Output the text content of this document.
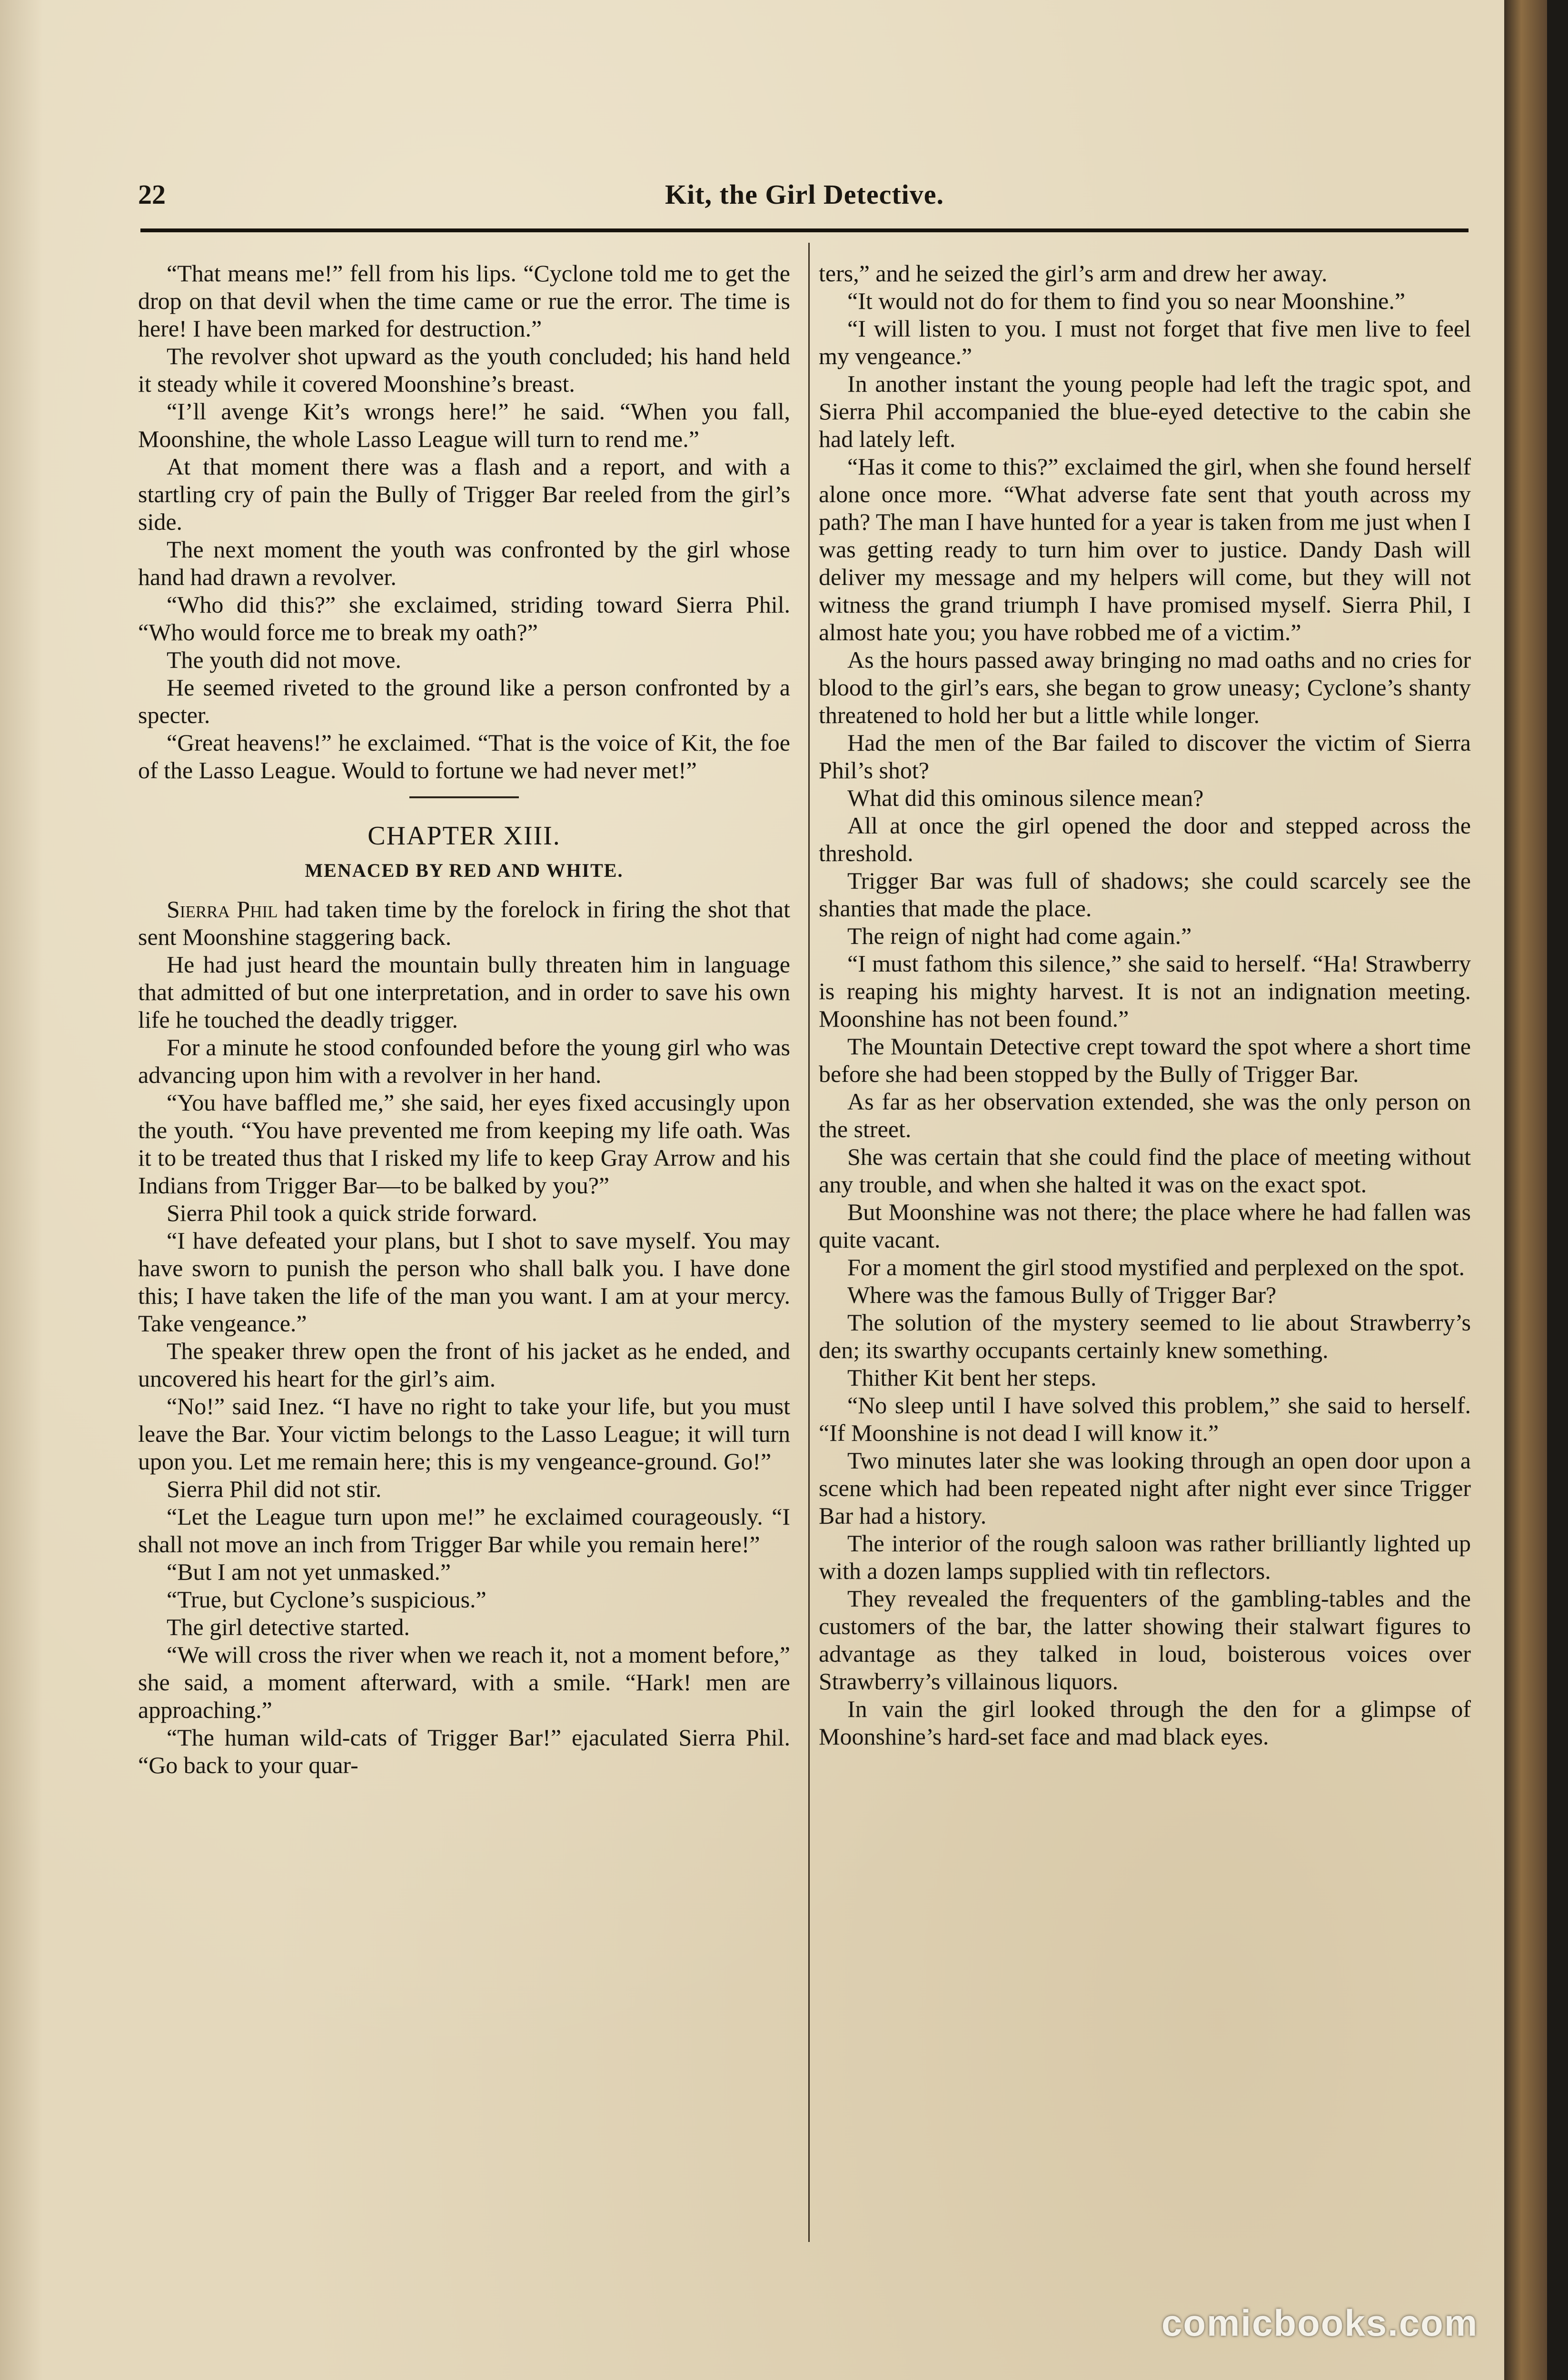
Kit, the Girl Detective.
22

“That means me!” fell from his lips. “Cyclone told me to get the drop on that devil when the time came or rue the error. The time is here! I have been marked for destruction.”

The revolver shot upward as the youth concluded; his hand held it steady while it covered Moonshine’s breast.

“I’ll avenge Kit’s wrongs here!” he said. “When you fall, Moonshine, the whole Lasso League will turn to rend me.”

At that moment there was a flash and a report, and with a startling cry of pain the Bully of Trigger Bar reeled from the girl’s side.

The next moment the youth was confronted by the girl whose hand had drawn a revolver.

“Who did this?” she exclaimed, striding toward Sierra Phil. “Who would force me to break my oath?”

The youth did not move.

He seemed riveted to the ground like a person confronted by a specter.

“Great heavens!” he exclaimed. “That is the voice of Kit, the foe of the Lasso League. Would to fortune we had never met!”

CHAPTER XIII.
MENACED BY RED AND WHITE.

Sierra Phil had taken time by the forelock in firing the shot that sent Moonshine staggering back.

He had just heard the mountain bully threaten him in language that admitted of but one interpretation, and in order to save his own life he touched the deadly trigger.

For a minute he stood confounded before the young girl who was advancing upon him with a revolver in her hand.

“You have baffled me,” she said, her eyes fixed accusingly upon the youth. “You have prevented me from keeping my life oath. Was it to be treated thus that I risked my life to keep Gray Arrow and his Indians from Trigger Bar—to be balked by you?”

Sierra Phil took a quick stride forward.

“I have defeated your plans, but I shot to save myself. You may have sworn to punish the person who shall balk you. I have done this; I have taken the life of the man you want. I am at your mercy. Take vengeance.”

The speaker threw open the front of his jacket as he ended, and uncovered his heart for the girl’s aim.

“No!” said Inez. “I have no right to take your life, but you must leave the Bar. Your victim belongs to the Lasso League; it will turn upon you. Let me remain here; this is my vengeance-ground. Go!”

Sierra Phil did not stir.

“Let the League turn upon me!” he exclaimed courageously. “I shall not move an inch from Trigger Bar while you remain here!”

“But I am not yet unmasked.”

“True, but Cyclone’s suspicious.”

The girl detective started.

“We will cross the river when we reach it, not a moment before,” she said, a moment afterward, with a smile. “Hark! men are approaching.”

“The human wild-cats of Trigger Bar!” ejaculated Sierra Phil. “Go back to your quar-

ters,” and he seized the girl’s arm and drew her away.

“It would not do for them to find you so near Moonshine.”

“I will listen to you. I must not forget that five men live to feel my vengeance.”

In another instant the young people had left the tragic spot, and Sierra Phil accompanied the blue-eyed detective to the cabin she had lately left.

“Has it come to this?” exclaimed the girl, when she found herself alone once more. “What adverse fate sent that youth across my path? The man I have hunted for a year is taken from me just when I was getting ready to turn him over to justice. Dandy Dash will deliver my message and my helpers will come, but they will not witness the grand triumph I have promised myself. Sierra Phil, I almost hate you; you have robbed me of a victim.”

As the hours passed away bringing no mad oaths and no cries for blood to the girl’s ears, she began to grow uneasy; Cyclone’s shanty threatened to hold her but a little while longer.

Had the men of the Bar failed to discover the victim of Sierra Phil’s shot?

What did this ominous silence mean?

All at once the girl opened the door and stepped across the threshold.

Trigger Bar was full of shadows; she could scarcely see the shanties that made the place.

The reign of night had come again.”

“I must fathom this silence,” she said to herself. “Ha! Strawberry is reaping his mighty harvest. It is not an indignation meeting. Moonshine has not been found.”

The Mountain Detective crept toward the spot where a short time before she had been stopped by the Bully of Trigger Bar.

As far as her observation extended, she was the only person on the street.

She was certain that she could find the place of meeting without any trouble, and when she halted it was on the exact spot.

But Moonshine was not there; the place where he had fallen was quite vacant.

For a moment the girl stood mystified and perplexed on the spot.

Where was the famous Bully of Trigger Bar?

The solution of the mystery seemed to lie about Strawberry’s den; its swarthy occupants certainly knew something.

Thither Kit bent her steps.

“No sleep until I have solved this problem,” she said to herself. “If Moonshine is not dead I will know it.”

Two minutes later she was looking through an open door upon a scene which had been repeated night after night ever since Trigger Bar had a history.

The interior of the rough saloon was rather brilliantly lighted up with a dozen lamps supplied with tin reflectors.

They revealed the frequenters of the gambling-tables and the customers of the bar, the latter showing their stalwart figures to advantage as they talked in loud, boisterous voices over Strawberry’s villainous liquors.

In vain the girl looked through the den for a glimpse of Moonshine’s hard-set face and mad black eyes.

comicbooks.com
